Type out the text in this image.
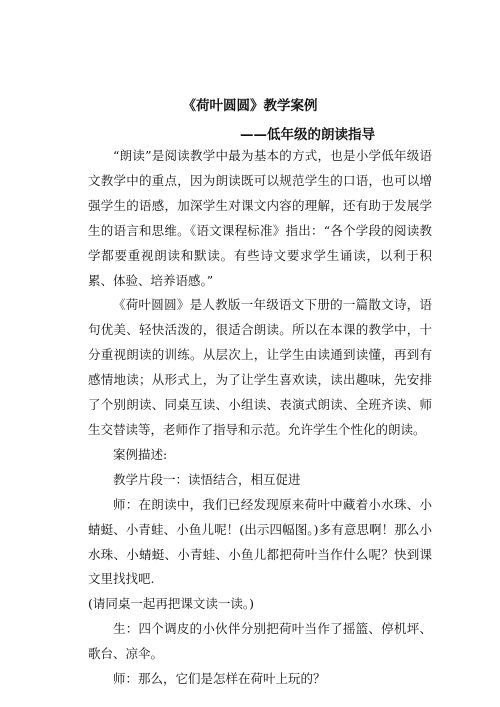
《荷叶圆圆》教学案例
——低年级的朗读指导

“朗读”是阅读教学中最为基本的方式，也是小学低年级语文教学中的重点，因为朗读既可以规范学生的口语，也可以增强学生的语感，加深学生对课文内容的理解，还有助于发展学生的语言和思维。《语文课程标准》指出：“各个学段的阅读教学都要重视朗读和默读。有些诗文要求学生诵读，以利于积累、体验、培养语感。”

《荷叶圆圆》是人教版一年级语文下册的一篇散文诗，语句优美、轻快活泼的，很适合朗读。所以在本课的教学中，十分重视朗读的训练。从层次上，让学生由读通到读懂，再到有感情地读；从形式上，为了让学生喜欢读，读出趣味，先安排了个别朗读、同桌互读、小组读、表演式朗读、全班齐读、师生交替读等，老师作了指导和示范。允许学生个性化的朗读。

案例描述:

教学片段一：读悟结合，相互促进

师：在朗读中，我们已经发现原来荷叶中藏着小水珠、小蜻蜓、小青蛙、小鱼儿呢！(出示四幅图。)多有意思啊！那么小水珠、小蜻蜓、小青蛙、小鱼儿都把荷叶当作什么呢？快到课文里找找吧.

(请同桌一起再把课文读一读。)

生：四个调皮的小伙伴分别把荷叶当作了摇篮、停机坪、歌台、凉伞。

师：那么，它们是怎样在荷叶上玩的？
